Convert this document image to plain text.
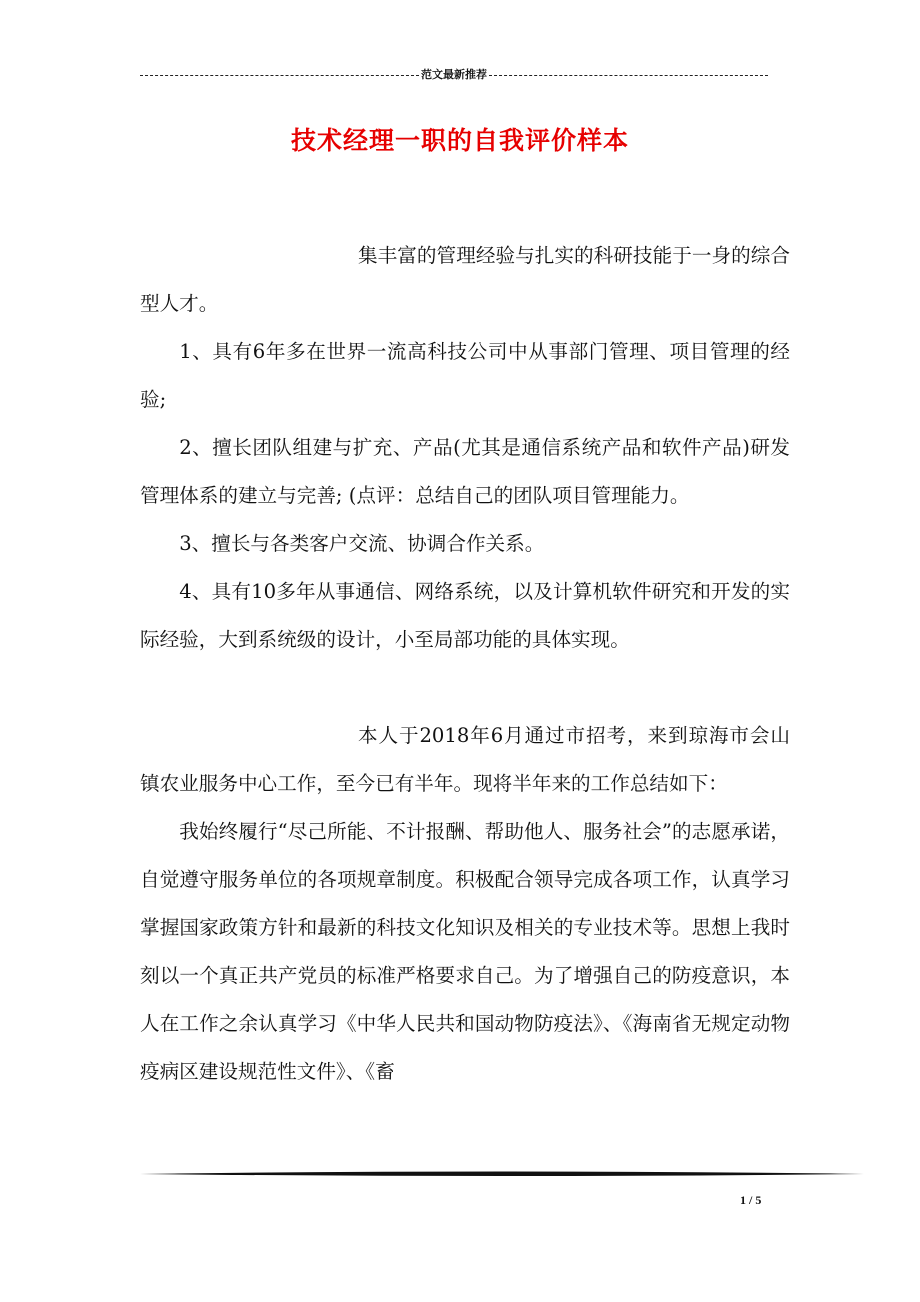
范文最新推荐
技术经理一职的自我评价样本

集丰富的管理经验与扎实的科研技能于一身的综合型人才。

1、具有6年多在世界一流高科技公司中从事部门管理、项目管理的经验;

2、擅长团队组建与扩充、产品(尤其是通信系统产品和软件产品)研发管理体系的建立与完善; (点评：总结自己的团队项目管理能力。

3、擅长与各类客户交流、协调合作关系。

4、具有10多年从事通信、网络系统，以及计算机软件研究和开发的实际经验，大到系统级的设计，小至局部功能的具体实现。

本人于2018年6月通过市招考，来到琼海市会山镇农业服务中心工作，至今已有半年。现将半年来的工作总结如下：

我始终履行“尽己所能、不计报酬、帮助他人、服务社会”的志愿承诺，自觉遵守服务单位的各项规章制度。积极配合领导完成各项工作，认真学习掌握国家政策方针和最新的科技文化知识及相关的专业技术等。思想上我时刻以一个真正共产党员的标准严格要求自己。为了增强自己的防疫意识，本人在工作之余认真学习《中华人民共和国动物防疫法》、《海南省无规定动物疫病区建设规范性文件》、《畜

1 / 5
